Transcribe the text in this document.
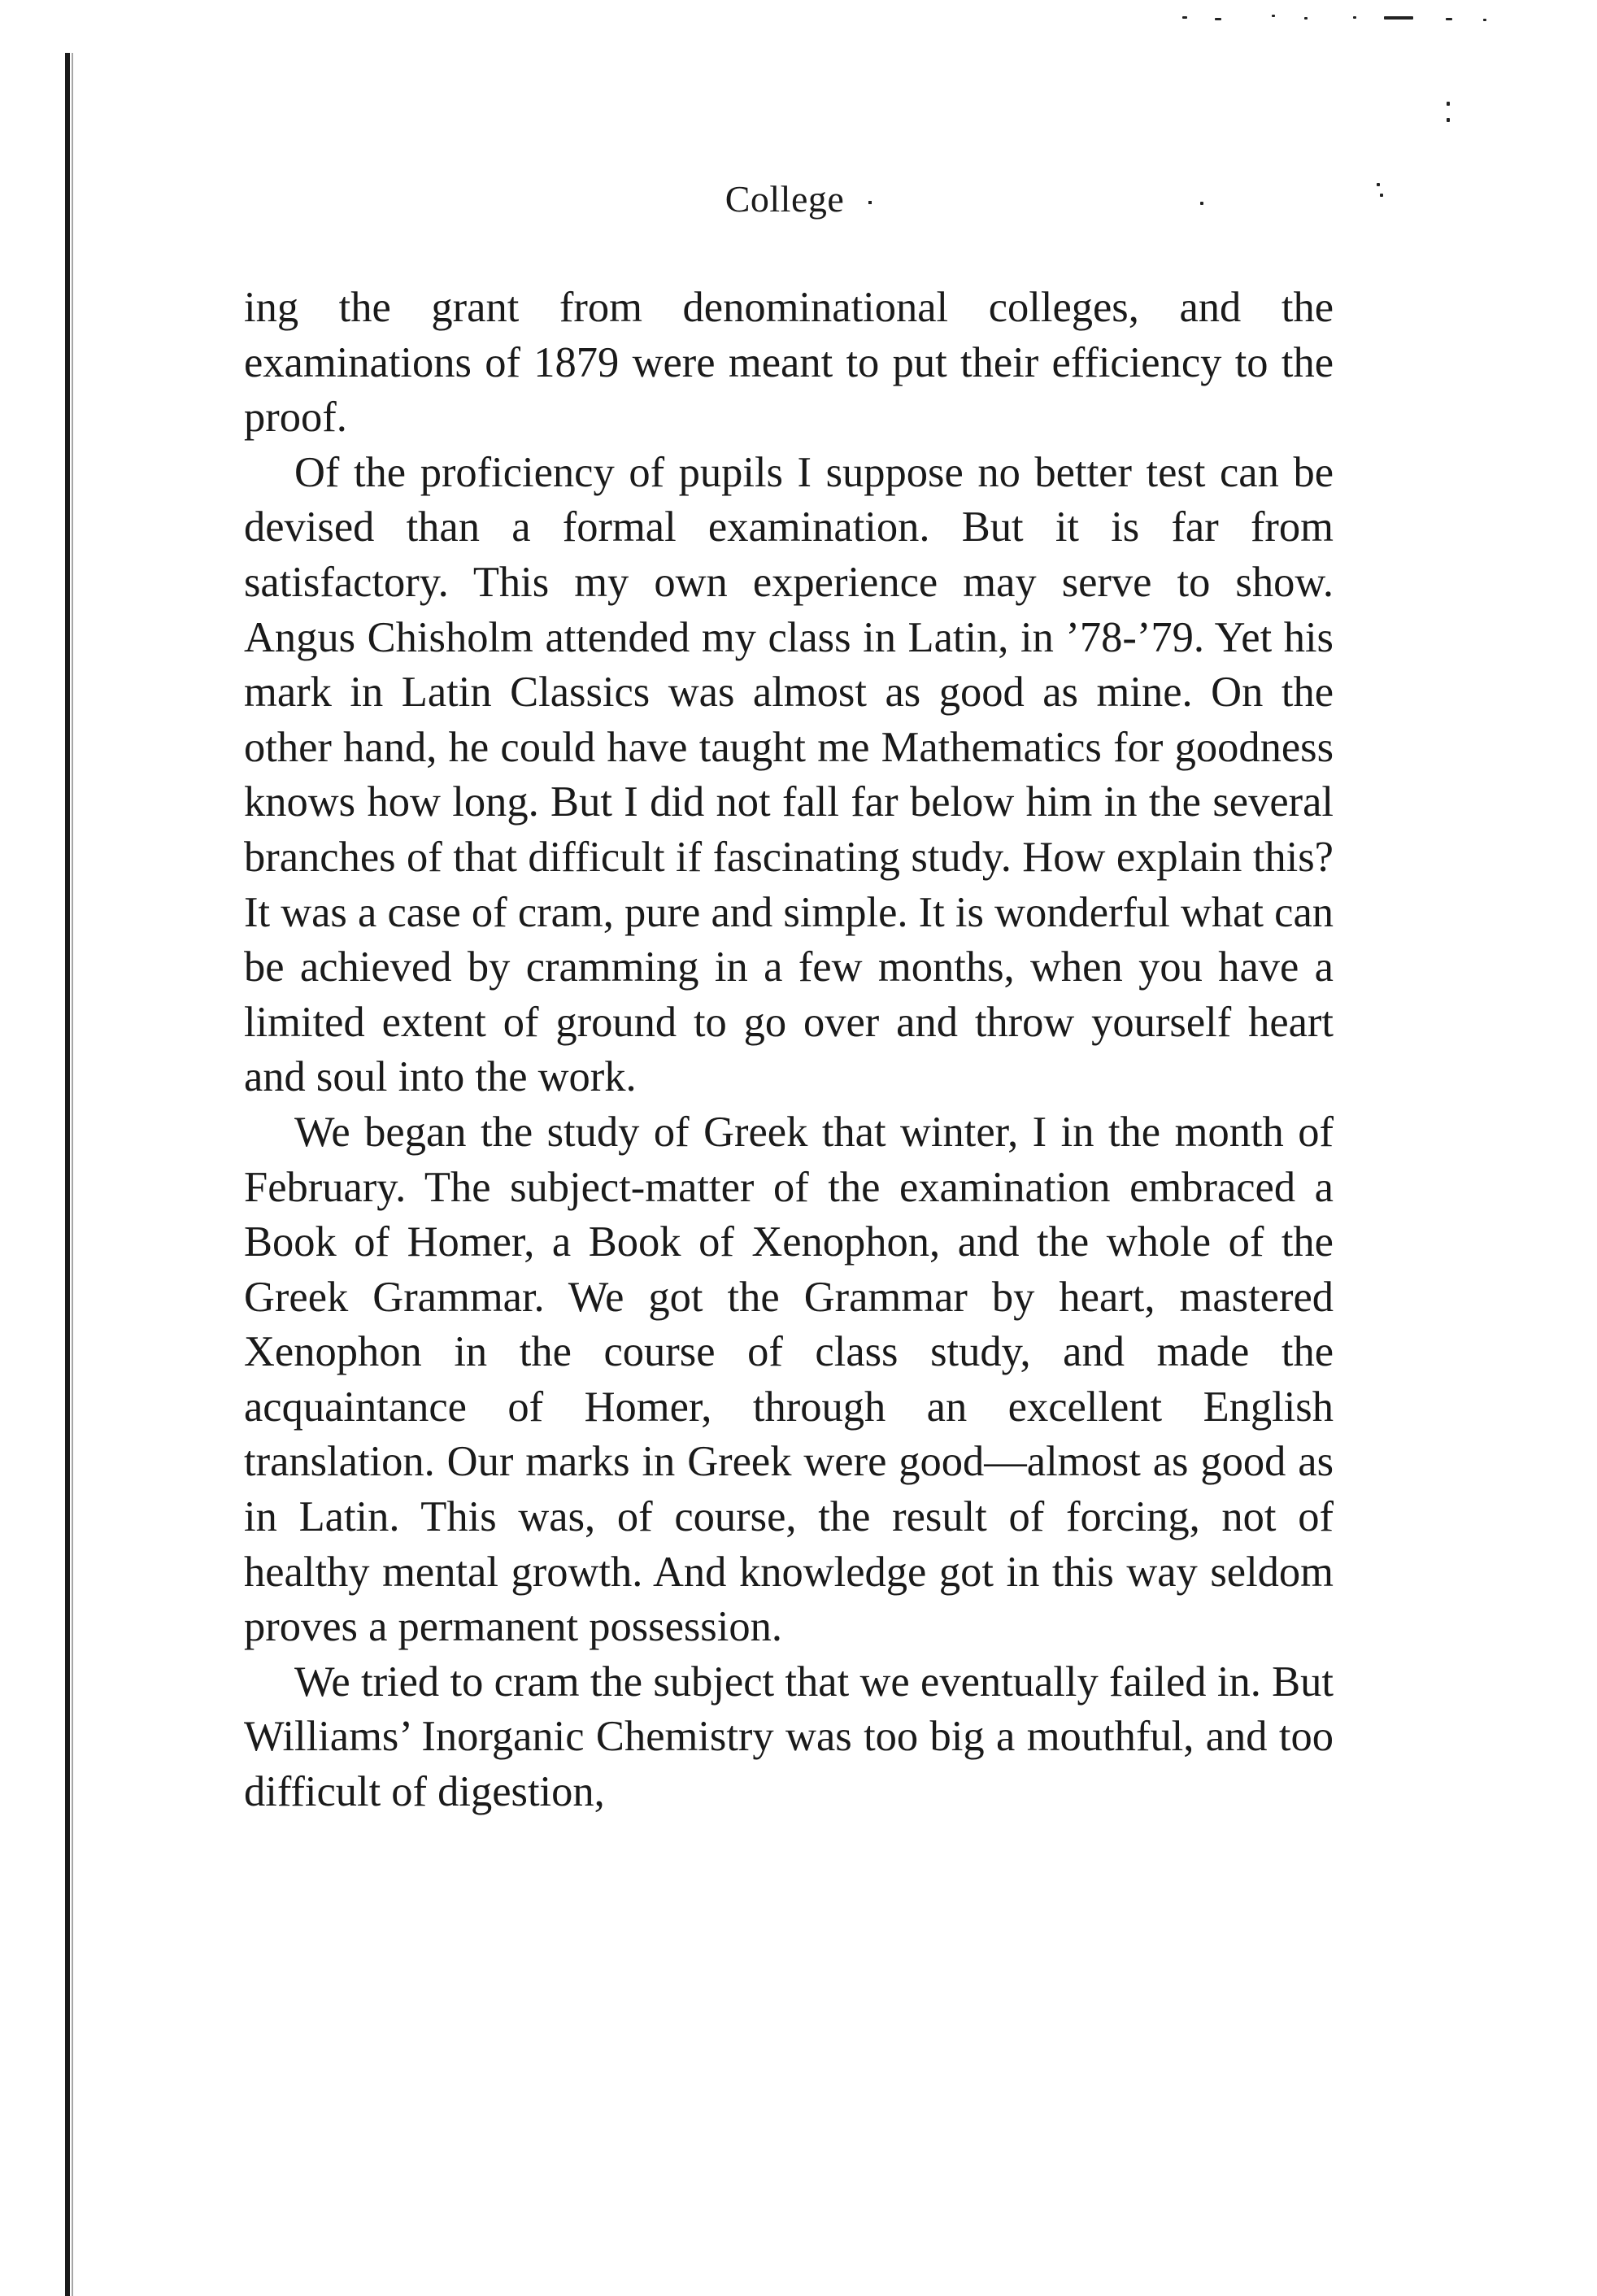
College

ing the grant from denominational colleges, and the examinations of 1879 were meant to put their efficiency to the proof.

Of the proficiency of pupils I suppose no better test can be devised than a formal examination. But it is far from satisfactory. This my own experience may serve to show. Angus Chisholm attended my class in Latin, in ’78-’79. Yet his mark in Latin Classics was almost as good as mine. On the other hand, he could have taught me Mathematics for goodness knows how long. But I did not fall far below him in the several branches of that difficult if fascinating study. How explain this? It was a case of cram, pure and simple. It is wonderful what can be achieved by cramming in a few months, when you have a limited extent of ground to go over and throw yourself heart and soul into the work.

We began the study of Greek that winter, I in the month of February. The subject-matter of the examination embraced a Book of Homer, a Book of Xenophon, and the whole of the Greek Grammar. We got the Grammar by heart, mastered Xenophon in the course of class study, and made the acquaintance of Homer, through an excellent English translation. Our marks in Greek were good—almost as good as in Latin. This was, of course, the result of forcing, not of healthy mental growth. And knowledge got in this way seldom proves a permanent possession.

We tried to cram the subject that we eventually failed in. But Williams’ Inorganic Chemistry was too big a mouthful, and too difficult of digestion,
